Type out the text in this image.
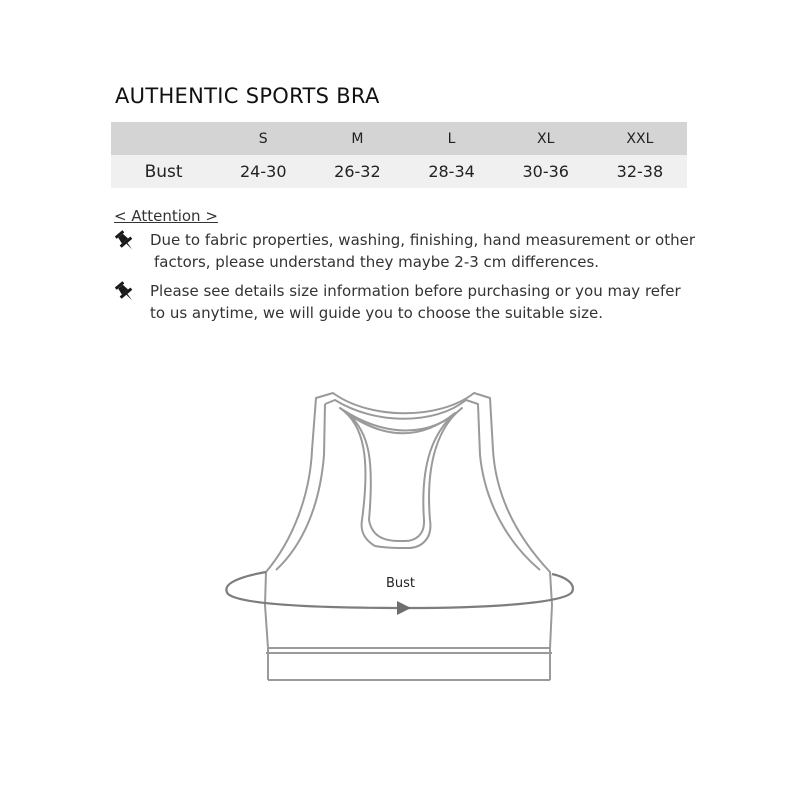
AUTHENTIC SPORTS BRA
	S	M	L	XL	XXL
Bust	24-30	26-32	28-34	30-36	32-38
< Attention >
Due to fabric properties, washing, finishing, hand measurement or other
factors, please understand they maybe 2-3 cm differences.
Please see details size information before purchasing or you may refer
to us anytime, we will guide you to choose the suitable size.
Bust
